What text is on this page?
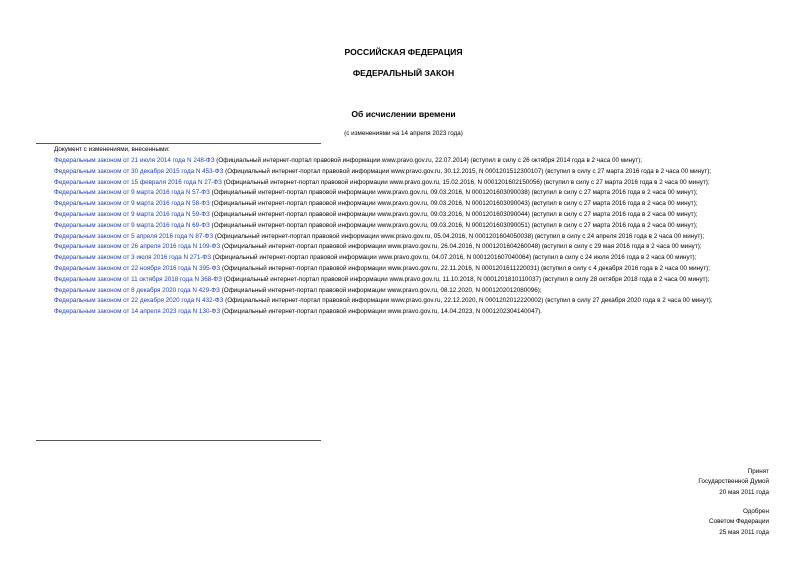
РОССИЙСКАЯ ФЕДЕРАЦИЯ
ФЕДЕРАЛЬНЫЙ ЗАКОН
Об исчислении времени
(с изменениями на 14 апреля 2023 года)
Документ с изменениями, внесенными:

Федеральным законом от 21 июля 2014 года N 248-ФЗ (Официальный интернет-портал правовой информации www.pravo.gov.ru, 22.07.2014) (вступил в силу с 26 октября 2014 года в 2 часа 00 минут);

Федеральным законом от 30 декабря 2015 года N 453-ФЗ (Официальный интернет-портал правовой информации www.pravo.gov.ru, 30.12.2015, N 0001201512300107) (вступил в силу с 27 марта 2016 года в 2 часа 00 минут);

Федеральным законом от 15 февраля 2016 года N 27-ФЗ (Официальный интернет-портал правовой информации www.pravo.gov.ru, 15.02.2016, N 0001201602150056) (вступил в силу с 27 марта 2016 года в 2 часа 00 минут);

Федеральным законом от 9 марта 2016 года N 57-ФЗ (Официальный интернет-портал правовой информации www.pravo.gov.ru, 09.03.2016, N 0001201603090038) (вступил в силу с 27 марта 2016 года в 2 часа 00 минут);

Федеральным законом от 9 марта 2016 года N 58-ФЗ (Официальный интернет-портал правовой информации www.pravo.gov.ru, 09.03.2016, N 0001201603090043) (вступил в силу с 27 марта 2016 года в 2 часа 00 минут);

Федеральным законом от 9 марта 2016 года N 59-ФЗ (Официальный интернет-портал правовой информации www.pravo.gov.ru, 09.03.2016, N 0001201603090044) (вступил в силу с 27 марта 2016 года в 2 часа 00 минут);

Федеральным законом от 9 марта 2016 года N 69-ФЗ (Официальный интернет-портал правовой информации www.pravo.gov.ru, 09.03.2016, N 0001201603090051) (вступил в силу с 27 марта 2016 года в 2 часа 00 минут);

Федеральным законом от 5 апреля 2016 года N 87-ФЗ (Официальный интернет-портал правовой информации www.pravo.gov.ru, 05.04.2016, N 0001201604050038) (вступил в силу с 24 апреля 2016 года в 2 часа 00 минут);

Федеральным законом от 26 апреля 2016 года N 109-ФЗ (Официальный интернет-портал правовой информации www.pravo.gov.ru, 26.04.2016, N 0001201604260048) (вступил в силу с 29 мая 2016 года в 2 часа 00 минут);

Федеральным законом от 3 июля 2016 года N 271-ФЗ (Официальный интернет-портал правовой информации www.pravo.gov.ru, 04.07.2016, N 0001201607040064) (вступил в силу с 24 июля 2016 года в 2 часа 00 минут);

Федеральным законом от 22 ноября 2016 года N 395-ФЗ (Официальный интернет-портал правовой информации www.pravo.gov.ru, 22.11.2016, N 0001201611220031) (вступил в силу с 4 декабря 2016 года в 2 часа 00 минут);

Федеральным законом от 11 октября 2018 года N 368-ФЗ (Официальный интернет-портал правовой информации www.pravo.gov.ru, 11.10.2018, N 0001201810110037) (вступил в силу 28 октября 2018 года в 2 часа 00 минут);

Федеральным законом от 8 декабря 2020 года N 429-ФЗ (Официальный интернет-портал правовой информации www.pravo.gov.ru, 08.12.2020, N 0001202012080096);

Федеральным законом от 22 декабря 2020 года N 432-ФЗ (Официальный интернет-портал правовой информации www.pravo.gov.ru, 22.12.2020, N 0001202012220002) (вступил в силу 27 декабря 2020 года в 2 часа 00 минут);

Федеральным законом от 14 апреля 2023 года N 130-ФЗ (Официальный интернет-портал правовой информации www.pravo.gov.ru, 14.04.2023, N 0001202304140047).

Принят
Государственной Думой
20 мая 2011 года
Одобрен
Советом Федерации
25 мая 2011 года
